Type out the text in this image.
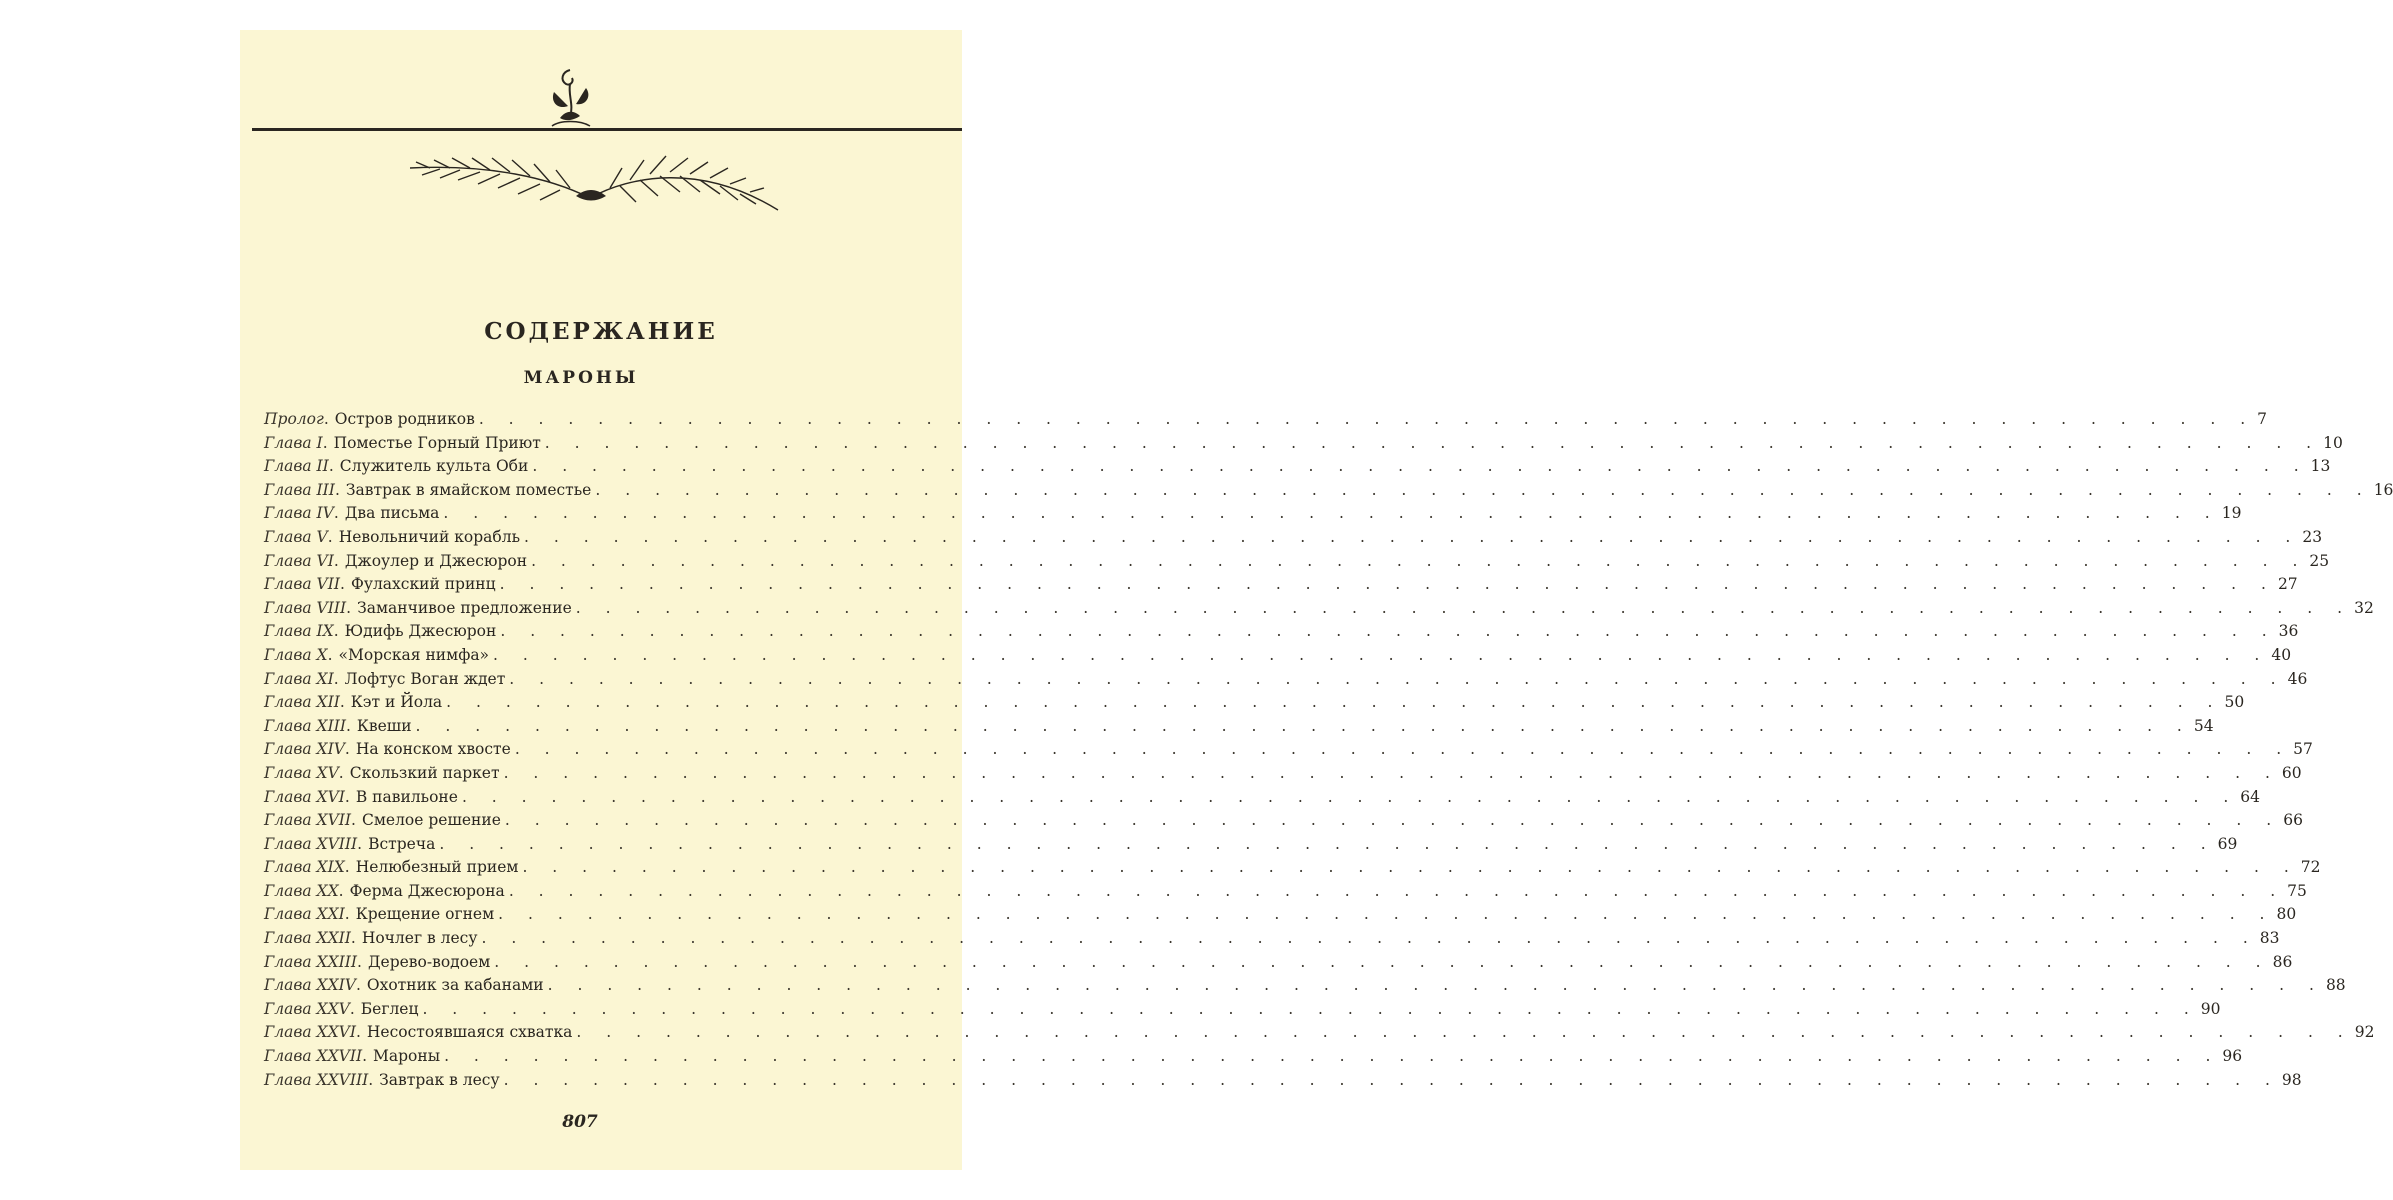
СОДЕРЖАНИЕ
МАРОНЫ
Пролог . Остров родников . . . . . . . . . . . . . . . . . . . . . . . . . . . . . . . . . . . . . . . . . . . . . . . . . . . . . . . . . . . . 7
Глава I . Поместье Горный Приют . . . . . . . . . . . . . . . . . . . . . . . . . . . . . . . . . . . . . . . . . . . . . . . . . . . . . . . . . . . . 10
Глава II . Служитель культа Оби . . . . . . . . . . . . . . . . . . . . . . . . . . . . . . . . . . . . . . . . . . . . . . . . . . . . . . . . . . . . 13
Глава III . Завтрак в ямайском поместье . . . . . . . . . . . . . . . . . . . . . . . . . . . . . . . . . . . . . . . . . . . . . . . . . . . . . . . . . . . . 16
Глава IV . Два письма . . . . . . . . . . . . . . . . . . . . . . . . . . . . . . . . . . . . . . . . . . . . . . . . . . . . . . . . . . . . 19
Глава V . Невольничий корабль . . . . . . . . . . . . . . . . . . . . . . . . . . . . . . . . . . . . . . . . . . . . . . . . . . . . . . . . . . . . 23
Глава VI . Джоулер и Джесюрон . . . . . . . . . . . . . . . . . . . . . . . . . . . . . . . . . . . . . . . . . . . . . . . . . . . . . . . . . . . . 25
Глава VII . Фулахский принц . . . . . . . . . . . . . . . . . . . . . . . . . . . . . . . . . . . . . . . . . . . . . . . . . . . . . . . . . . . . 27
Глава VIII . Заманчивое предложение . . . . . . . . . . . . . . . . . . . . . . . . . . . . . . . . . . . . . . . . . . . . . . . . . . . . . . . . . . . . 32
Глава IX . Юдифь Джесюрон . . . . . . . . . . . . . . . . . . . . . . . . . . . . . . . . . . . . . . . . . . . . . . . . . . . . . . . . . . . . 36
Глава X . «Морская нимфа» . . . . . . . . . . . . . . . . . . . . . . . . . . . . . . . . . . . . . . . . . . . . . . . . . . . . . . . . . . . . 40
Глава XI . Лофтус Воган ждет . . . . . . . . . . . . . . . . . . . . . . . . . . . . . . . . . . . . . . . . . . . . . . . . . . . . . . . . . . . . 46
Глава XII . Кэт и Йола . . . . . . . . . . . . . . . . . . . . . . . . . . . . . . . . . . . . . . . . . . . . . . . . . . . . . . . . . . . . 50
Глава XIII . Квеши . . . . . . . . . . . . . . . . . . . . . . . . . . . . . . . . . . . . . . . . . . . . . . . . . . . . . . . . . . . . 54
Глава XIV . На конском хвосте . . . . . . . . . . . . . . . . . . . . . . . . . . . . . . . . . . . . . . . . . . . . . . . . . . . . . . . . . . . . 57
Глава XV . Скользкий паркет . . . . . . . . . . . . . . . . . . . . . . . . . . . . . . . . . . . . . . . . . . . . . . . . . . . . . . . . . . . . 60
Глава XVI . В павильоне . . . . . . . . . . . . . . . . . . . . . . . . . . . . . . . . . . . . . . . . . . . . . . . . . . . . . . . . . . . . 64
Глава XVII . Смелое решение . . . . . . . . . . . . . . . . . . . . . . . . . . . . . . . . . . . . . . . . . . . . . . . . . . . . . . . . . . . . 66
Глава XVIII . Встреча . . . . . . . . . . . . . . . . . . . . . . . . . . . . . . . . . . . . . . . . . . . . . . . . . . . . . . . . . . . . 69
Глава XIX . Нелюбезный прием . . . . . . . . . . . . . . . . . . . . . . . . . . . . . . . . . . . . . . . . . . . . . . . . . . . . . . . . . . . . 72
Глава XX . Ферма Джесюрона . . . . . . . . . . . . . . . . . . . . . . . . . . . . . . . . . . . . . . . . . . . . . . . . . . . . . . . . . . . . 75
Глава XXI . Крещение огнем . . . . . . . . . . . . . . . . . . . . . . . . . . . . . . . . . . . . . . . . . . . . . . . . . . . . . . . . . . . . 80
Глава XXII . Ночлег в лесу . . . . . . . . . . . . . . . . . . . . . . . . . . . . . . . . . . . . . . . . . . . . . . . . . . . . . . . . . . . . 83
Глава XXIII . Дерево-водоем . . . . . . . . . . . . . . . . . . . . . . . . . . . . . . . . . . . . . . . . . . . . . . . . . . . . . . . . . . . . 86
Глава XXIV . Охотник за кабанами . . . . . . . . . . . . . . . . . . . . . . . . . . . . . . . . . . . . . . . . . . . . . . . . . . . . . . . . . . . . 88
Глава XXV . Беглец . . . . . . . . . . . . . . . . . . . . . . . . . . . . . . . . . . . . . . . . . . . . . . . . . . . . . . . . . . . . 90
Глава XXVI . Несостоявшаяся схватка . . . . . . . . . . . . . . . . . . . . . . . . . . . . . . . . . . . . . . . . . . . . . . . . . . . . . . . . . . . . 92
Глава XXVII . Мароны . . . . . . . . . . . . . . . . . . . . . . . . . . . . . . . . . . . . . . . . . . . . . . . . . . . . . . . . . . . . 96
Глава XXVIII . Завтрак в лесу . . . . . . . . . . . . . . . . . . . . . . . . . . . . . . . . . . . . . . . . . . . . . . . . . . . . . . . . . . . . 98
807
